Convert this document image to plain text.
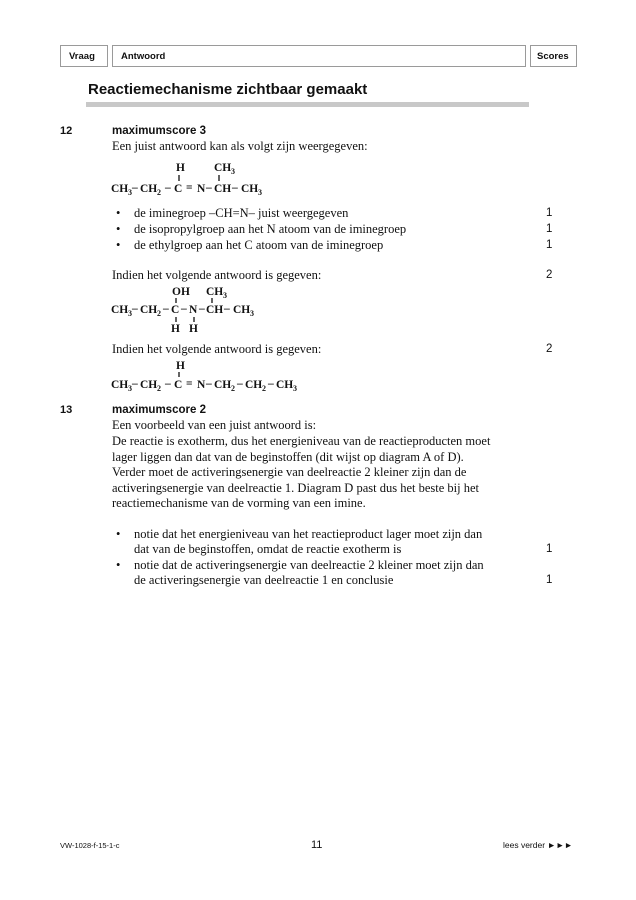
Vraag	Antwoord	Scores
Reactiemechanisme zichtbaar gemaakt
12	maximumscore 3
Een juist antwoord kan als volgt zijn weergegeven:
H	CH 3
CH 3 – CH 2 – C = N – CH – CH 3
• de iminegroep –CH=N– juist weergegeven	1
• de isopropylgroep aan het N atoom van de iminegroep	1
• de ethylgroep aan het C atoom van de iminegroep	1
Indien het volgende antwoord is gegeven:	2
OH CH 3
CH 3 – CH 2 – C – N – CH – CH 3
H H
Indien het volgende antwoord is gegeven:	2
H
CH 3 – CH 2 – C = N – CH 2 – CH 2 – CH 3
13	maximumscore 2
Een voorbeeld van een juist antwoord is:
De reactie is exotherm, dus het energieniveau van de reactieproducten moet
lager liggen dan dat van de beginstoffen (dit wijst op diagram A of D).
Verder moet de activeringsenergie van deelreactie 2 kleiner zijn dan de
activeringsenergie van deelreactie 1. Diagram D past dus het beste bij het
reactiemechanisme van de vorming van een imine.
• notie dat het energieniveau van het reactieproduct lager moet zijn dan
dat van de beginstoffen, omdat de reactie exotherm is	1
• notie dat de activeringsenergie van deelreactie 2 kleiner moet zijn dan
de activeringsenergie van deelreactie 1 en conclusie	1
VW-1028-f-15-1-c	11	lees verder ►►►
